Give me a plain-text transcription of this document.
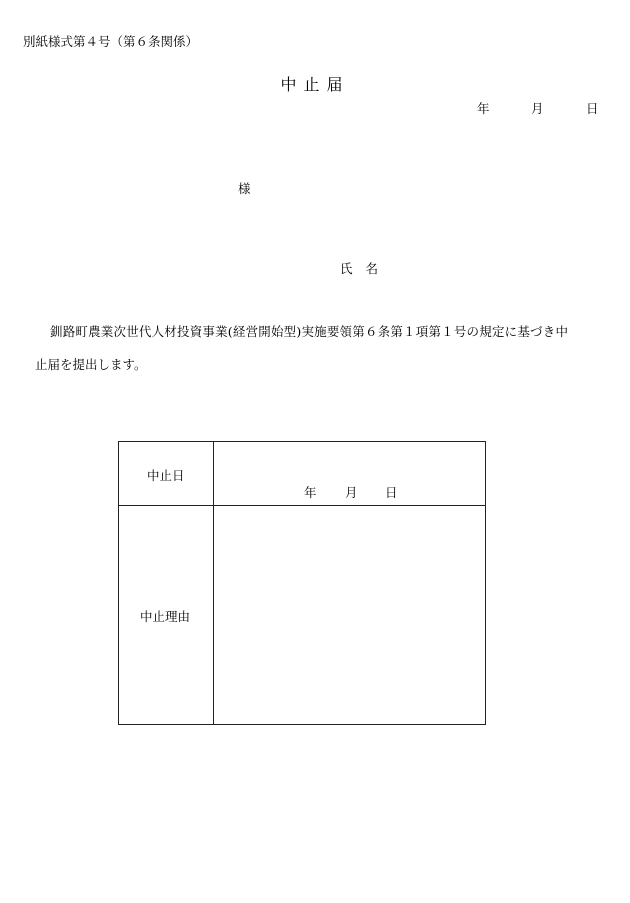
別紙様式第４号（第６条関係）
中止届
年	月	日
様
氏名
釧路町農業次世代人材投資事業(経営開始型)実施要領第６条第１項第１号の規定に基づき中
止届を提出します。
中止日
年 月 日
中止理由
